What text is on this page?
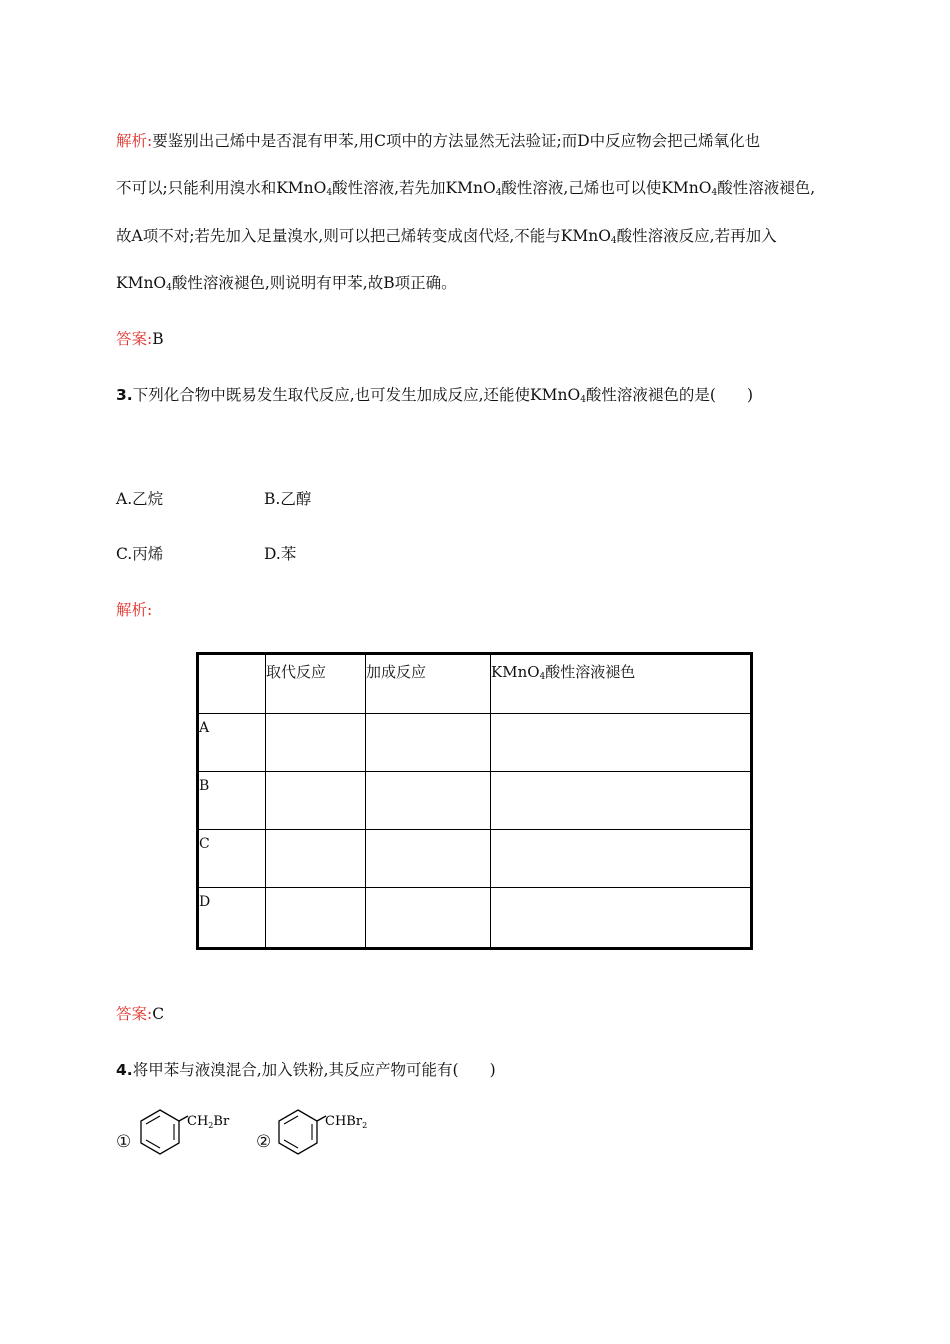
解析:要鉴别出己烯中是否混有甲苯,用C项中的方法显然无法验证;而D中反应物会把己烯氧化也
不可以;只能利用溴水和KMnO$_4$酸性溶液,若先加KMnO$_4$酸性溶液,己烯也可以使KMnO$_4$酸性溶液褪色,
故A项不对;若先加入足量溴水,则可以把己烯转变成卤代烃,不能与KMnO$_4$酸性溶液反应,若再加入
KMnO$_4$酸性溶液褪色,则说明有甲苯,故B项正确。
答案:B
3.下列化合物中既易发生取代反应,也可发生加成反应,还能使KMnO$_4$酸性溶液褪色的是(　　)
A.乙烷	B.乙醇
C.丙烯	D.苯
解析:
	取代反应	加成反应	KMnO$_4$酸性溶液褪色
A			
B			
C			
D			
答案:C
4.将甲苯与液溴混合,加入铁粉,其反应产物可能有(　　)
①
$CH_2Br$
②
CHBr$_2$
